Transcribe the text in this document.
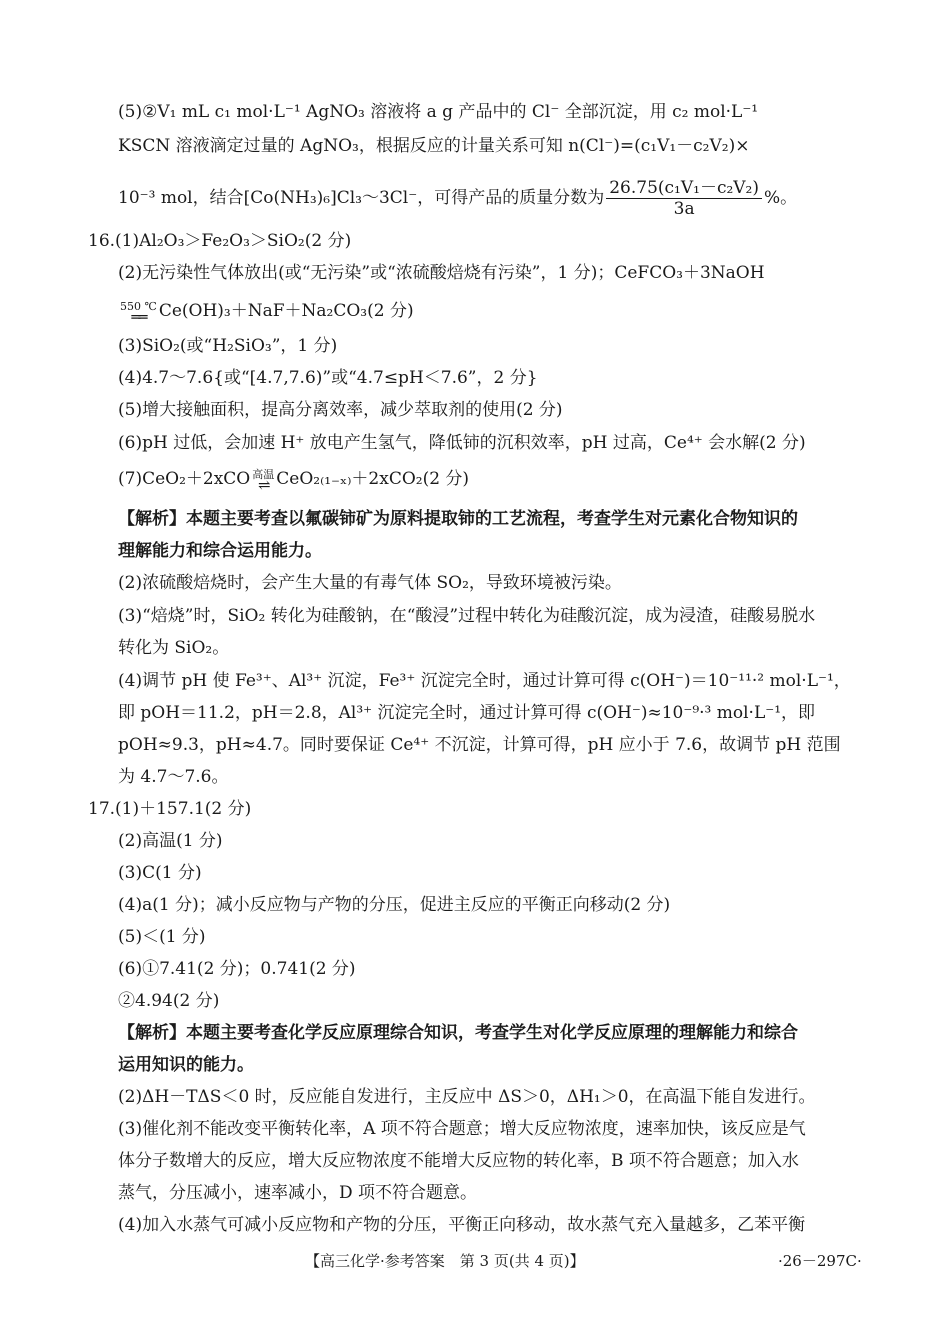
(5)②V₁ mL c₁ mol·L⁻¹ AgNO₃ 溶液将 a g 产品中的 Cl⁻ 全部沉淀，用 c₂ mol·L⁻¹
KSCN 溶液滴定过量的 AgNO₃，根据反应的计量关系可知 n(Cl⁻)=(c₁V₁－c₂V₂)×
16.(1)Al₂O₃＞Fe₂O₃＞SiO₂(2 分)
(2)无污染性气体放出(或“无污染”或“浓硫酸焙烧有污染”，1 分)；CeFCO₃＋3NaOH
(3)SiO₂(或“H₂SiO₃”，1 分)
(4)4.7～7.6{或“[4.7,7.6)”或“4.7≤pH＜7.6”，2 分}
(5)增大接触面积，提高分离效率，减少萃取剂的使用(2 分)
(6)pH 过低，会加速 H⁺ 放电产生氢气，降低铈的沉积效率，pH 过高，Ce⁴⁺ 会水解(2 分)
【解析】本题主要考查以氟碳铈矿为原料提取铈的工艺流程，考查学生对元素化合物知识的
理解能力和综合运用能力。
(2)浓硫酸焙烧时，会产生大量的有毒气体 SO₂，导致环境被污染。
(3)“焙烧”时，SiO₂ 转化为硅酸钠，在“酸浸”过程中转化为硅酸沉淀，成为浸渣，硅酸易脱水
转化为 SiO₂。
(4)调节 pH 使 Fe³⁺、Al³⁺ 沉淀，Fe³⁺ 沉淀完全时，通过计算可得 c(OH⁻)＝10⁻¹¹·² mol·L⁻¹，
即 pOH＝11.2，pH＝2.8，Al³⁺ 沉淀完全时，通过计算可得 c(OH⁻)≈10⁻⁹·³ mol·L⁻¹，即
pOH≈9.3，pH≈4.7。同时要保证 Ce⁴⁺ 不沉淀，计算可得，pH 应小于 7.6，故调节 pH 范围
为 4.7～7.6。
17.(1)＋157.1(2 分)
(2)高温(1 分)
(3)C(1 分)
(4)a(1 分)；减小反应物与产物的分压，促进主反应的平衡正向移动(2 分)
(5)＜(1 分)
(6)①7.41(2 分)；0.741(2 分)
②4.94(2 分)
【解析】本题主要考查化学反应原理综合知识，考查学生对化学反应原理的理解能力和综合
运用知识的能力。
(2)ΔH－TΔS＜0 时，反应能自发进行，主反应中 ΔS＞0，ΔH₁＞0，在高温下能自发进行。
(3)催化剂不能改变平衡转化率，A 项不符合题意；增大反应物浓度，速率加快，该反应是气
体分子数增大的反应，增大反应物浓度不能增大反应物的转化率，B 项不符合题意；加入水
蒸气，分压减小，速率减小，D 项不符合题意。
(4)加入水蒸气可减小反应物和产物的分压，平衡正向移动，故水蒸气充入量越多，乙苯平衡
10⁻³ mol，结合[Co(NH₃)₆]Cl₃～3Cl⁻，可得产品的质量分数为 $\frac{\text{26.75(c₁V₁－c₂V₂)}}{3a}$ %。
550 ℃
══ Ce(OH)₃＋NaF＋Na₂CO₃(2 分)
(7)CeO₂＋2xCO 高温
⇌ CeO₂₍₁₋ₓ₎＋2xCO₂(2 分)
【高三化学·参考答案　第 3 页(共 4 页)】	·26－297C·
